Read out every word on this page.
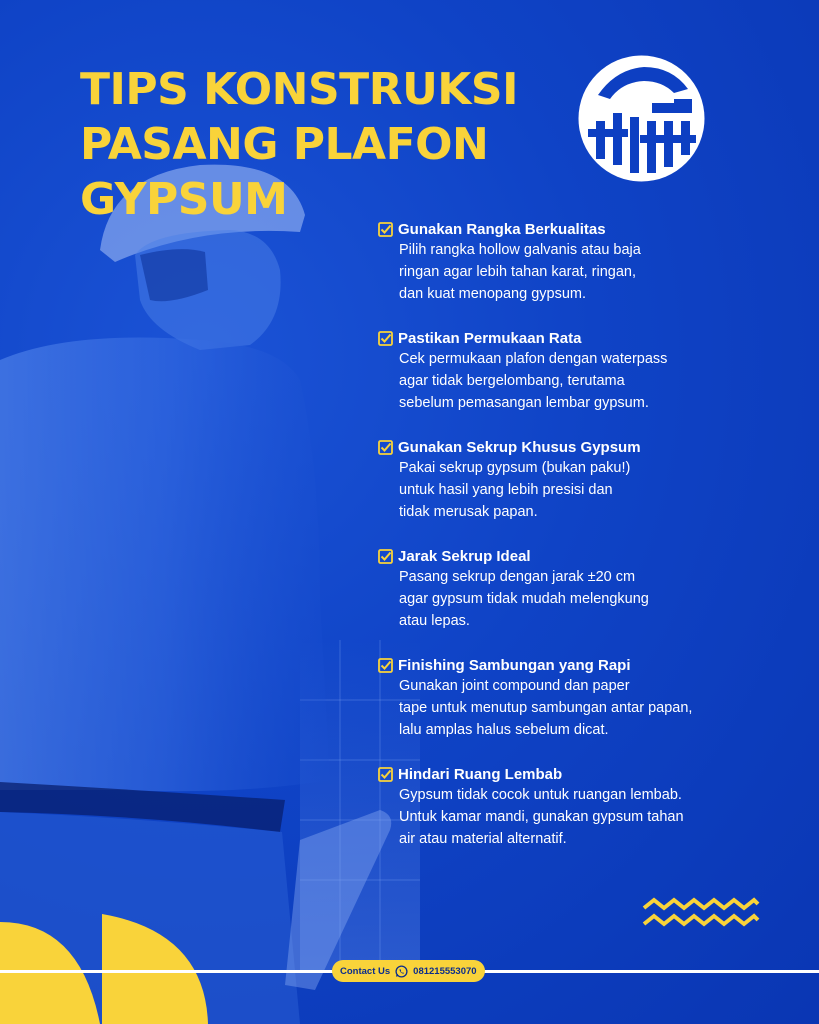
TIPS KONSTRUKSI
PASANG PLAFON
GYPSUM
Gunakan Rangka Berkualitas
Pilih rangka hollow galvanis atau baja
ringan agar lebih tahan karat, ringan,
dan kuat menopang gypsum.
Pastikan Permukaan Rata
Cek permukaan plafon dengan waterpass
agar tidak bergelombang, terutama
sebelum pemasangan lembar gypsum.
Gunakan Sekrup Khusus Gypsum
Pakai sekrup gypsum (bukan paku!)
untuk hasil yang lebih presisi dan
tidak merusak papan.
Jarak Sekrup Ideal
Pasang sekrup dengan jarak ±20 cm
agar gypsum tidak mudah melengkung
atau lepas.
Finishing Sambungan yang Rapi
Gunakan joint compound dan paper
tape untuk menutup sambungan antar papan,
lalu amplas halus sebelum dicat.
Hindari Ruang Lembab
Gypsum tidak cocok untuk ruangan lembab.
Untuk kamar mandi, gunakan gypsum tahan
air atau material alternatif.
Contact Us 081215553070
